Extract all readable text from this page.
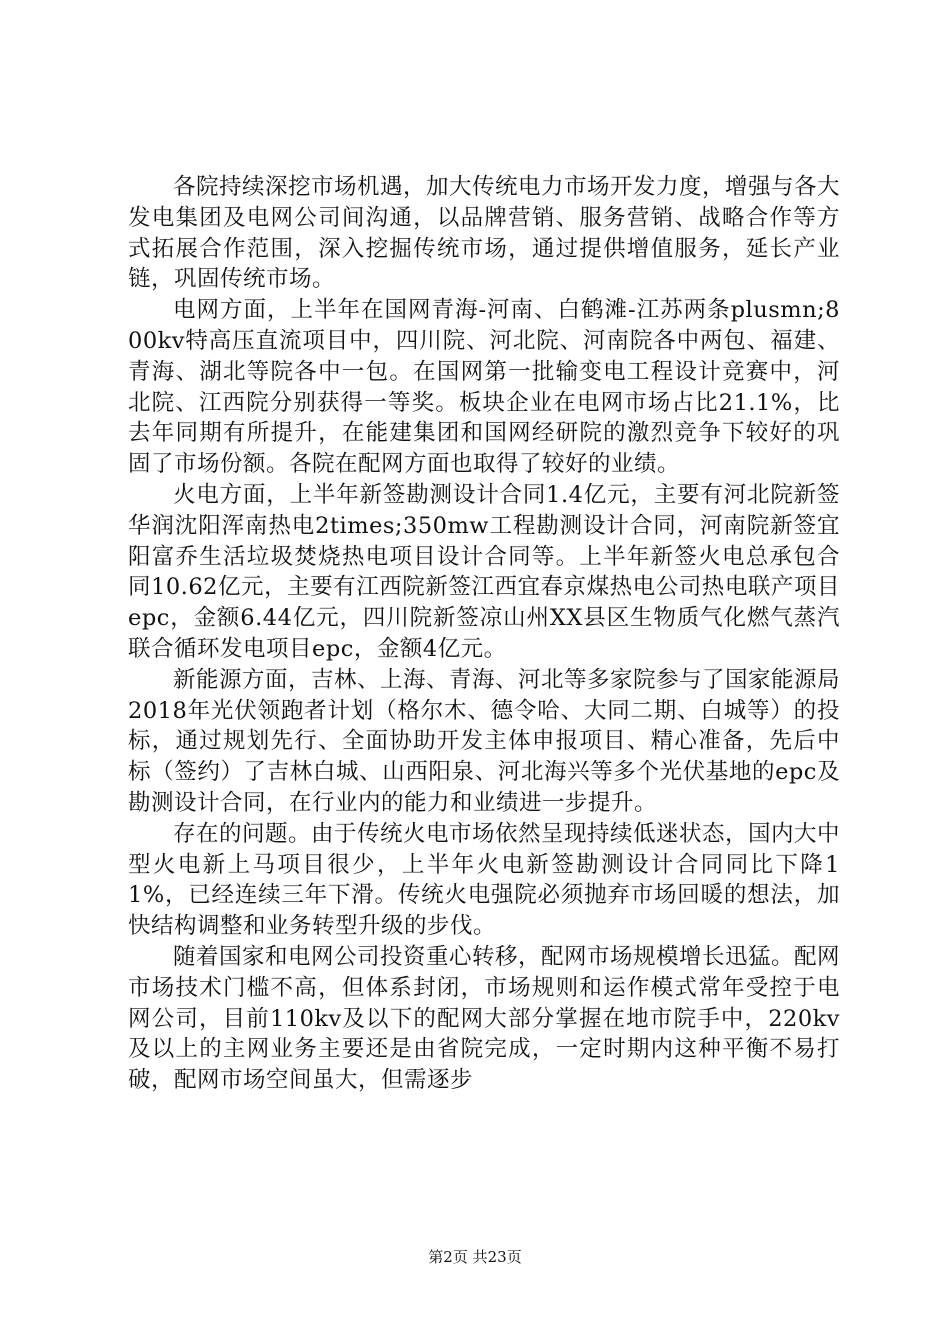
各院持续深挖市场机遇，加大传统电力市场开发力度，增强与各大发电集团及电网公司间沟通，以品牌营销、服务营销、战略合作等方式拓展合作范围，深入挖掘传统市场，通过提供增值服务，延长产业链，巩固传统市场。

电网方面，上半年在国网青海-河南、白鹤滩-江苏两条plusmn;800kv特高压直流项目中，四川院、河北院、河南院各中两包、福建、青海、湖北等院各中一包。在国网第一批输变电工程设计竞赛中，河北院、江西院分别获得一等奖。板块企业在电网市场占比21.1%，比去年同期有所提升，在能建集团和国网经研院的激烈竞争下较好的巩固了市场份额。各院在配网方面也取得了较好的业绩。

火电方面，上半年新签勘测设计合同1.4亿元，主要有河北院新签华润沈阳浑南热电2times;350mw工程勘测设计合同，河南院新签宜阳富乔生活垃圾焚烧热电项目设计合同等。上半年新签火电总承包合同10.62亿元，主要有江西院新签江西宜春京煤热电公司热电联产项目epc，金额6.44亿元，四川院新签凉山州XX县区生物质气化燃气蒸汽联合循环发电项目epc，金额4亿元。

新能源方面，吉林、上海、青海、河北等多家院参与了国家能源局2018年光伏领跑者计划（格尔木、德令哈、大同二期、白城等）的投标，通过规划先行、全面协助开发主体申报项目、精心准备，先后中标（签约）了吉林白城、山西阳泉、河北海兴等多个光伏基地的epc及勘测设计合同，在行业内的能力和业绩进一步提升。

存在的问题。由于传统火电市场依然呈现持续低迷状态，国内大中型火电新上马项目很少，上半年火电新签勘测设计合同同比下降11%，已经连续三年下滑。传统火电强院必须抛弃市场回暖的想法，加快结构调整和业务转型升级的步伐。

随着国家和电网公司投资重心转移，配网市场规模增长迅猛。配网市场技术门槛不高，但体系封闭，市场规则和运作模式常年受控于电网公司，目前110kv及以下的配网大部分掌握在地市院手中，220kv及以上的主网业务主要还是由省院完成，一定时期内这种平衡不易打破，配网市场空间虽大，但需逐步

第2页 共23页
